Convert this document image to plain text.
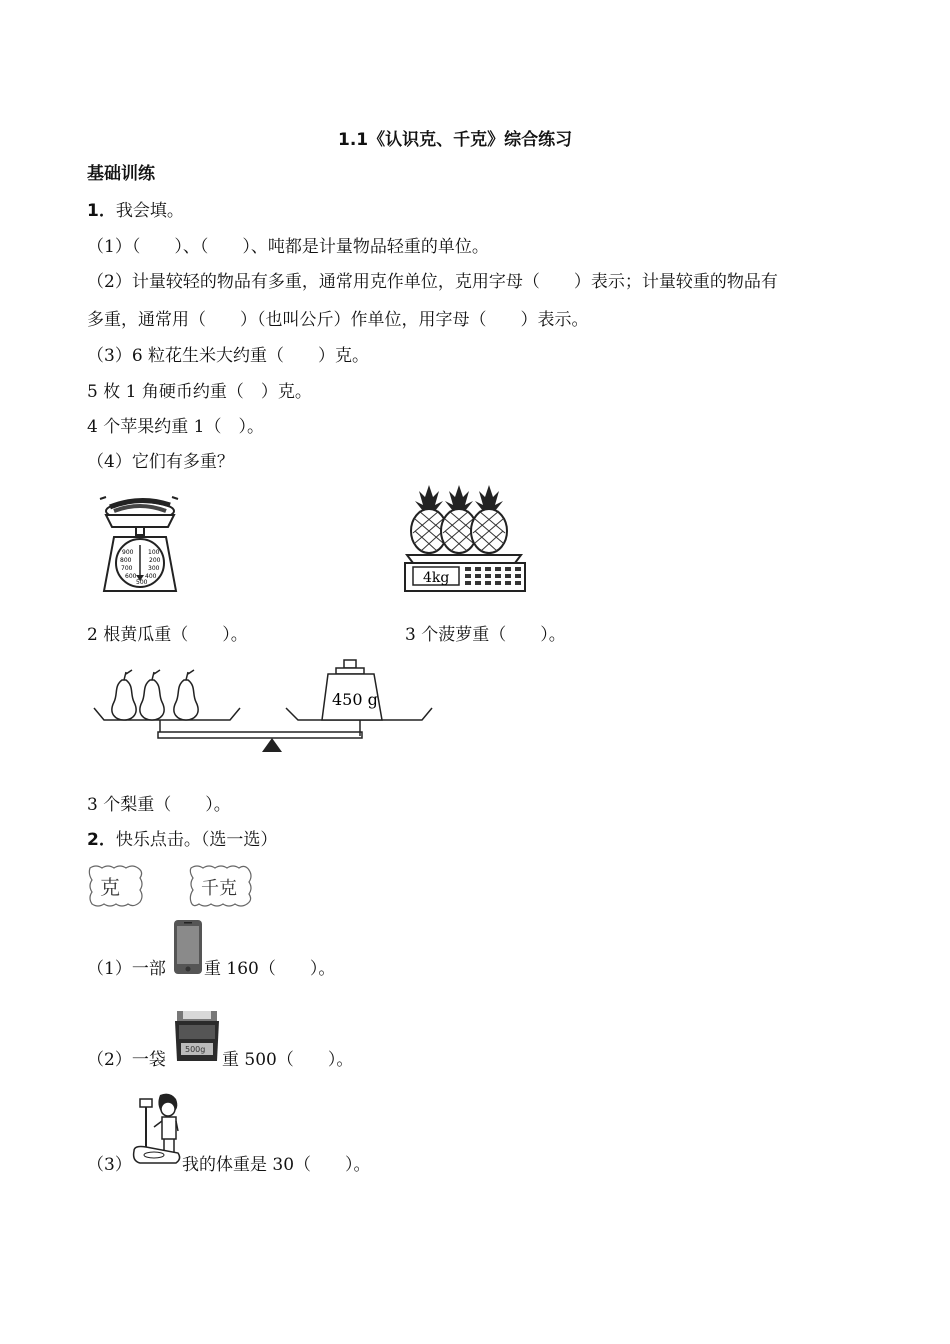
1.1《认识克、千克》综合练习
基础训练
1．我会填。
（1）（　　）、（　　）、吨都是计量物品轻重的单位。
（2）计量较轻的物品有多重，通常用克作单位，克用字母（　　）表示；计量较重的物品有
多重，通常用（　　）（也叫公斤）作单位，用字母（　　）表示。
（3）6 粒花生米大约重（　　）克。
5 枚 1 角硬币约重（　）克。
4 个苹果约重 1（　）。
（4）它们有多重？
100
200
300
400
500
600
700
800
900
4kg
2 根黄瓜重（　　）。	3 个菠萝重（　　）。
450 g
3 个梨重（　　）。
2．快乐点击。（选一选）
克	千克
（1）一部 重 160（　　）。
（2）一袋
500g
重 500（　　）。
（3）	我的体重是 30（　　）。
